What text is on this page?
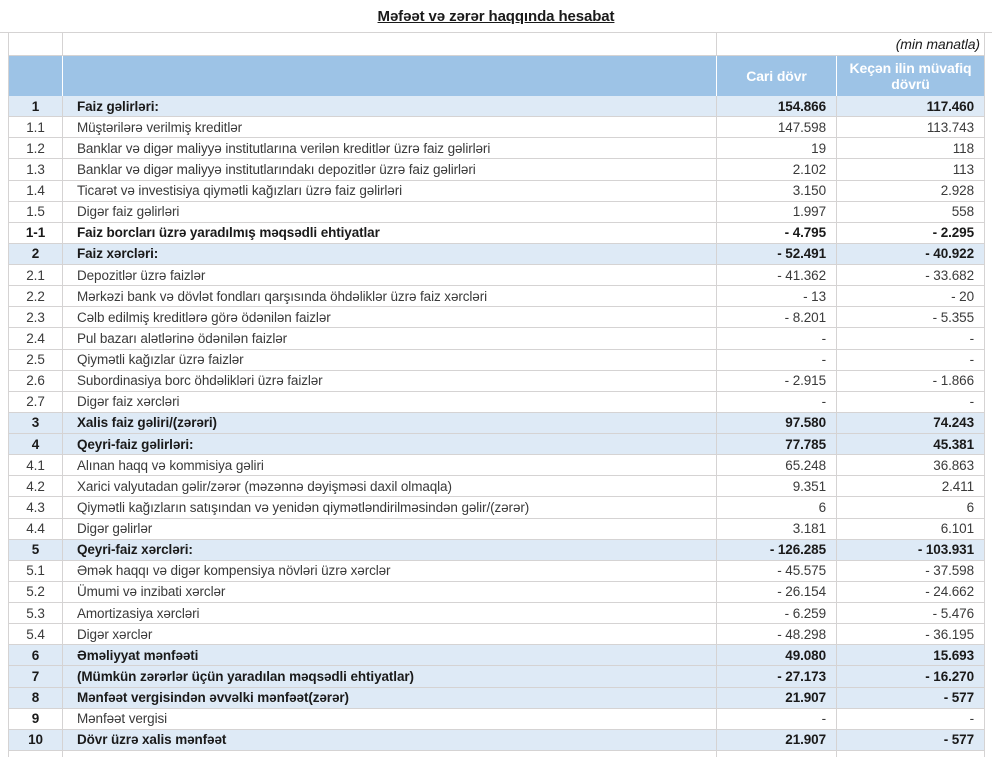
Məfəət və zərər haqqında hesabat
(min manatla)
Cari dövr	Keçən ilin müvafiq dövrü
1	Faiz gəlirləri:	154.866	117.460
1.1	Müştərilərə verilmiş kreditlər	147.598	113.743
1.2	Banklar və digər maliyyə institutlarına verilən kreditlər üzrə faiz gəlirləri	19	118
1.3	Banklar və digər maliyyə institutlarındakı depozitlər üzrə faiz gəlirləri	2.102	113
1.4	Ticarət və investisiya qiymətli kağızları üzrə faiz gəlirləri	3.150	2.928
1.5	Digər faiz gəlirləri	1.997	558
1-1	Faiz borcları üzrə yaradılmış məqsədli ehtiyatlar	- 4.795	- 2.295
2	Faiz xərcləri:	- 52.491	- 40.922
2.1	Depozitlər üzrə faizlər	- 41.362	- 33.682
2.2	Mərkəzi bank və dövlət fondları qarşısında öhdəliklər üzrə faiz xərcləri	- 13	- 20
2.3	Cəlb edilmiş kreditlərə görə ödənilən faizlər	- 8.201	- 5.355
2.4	Pul bazarı alətlərinə ödənilən faizlər	-	-
2.5	Qiymətli kağızlar üzrə faizlər	-	-
2.6	Subordinasiya borc öhdəlikləri üzrə faizlər	- 2.915	- 1.866
2.7	Digər faiz xərcləri	-	-
3	Xalis faiz gəliri/(zərəri)	97.580	74.243
4	Qeyri-faiz gəlirləri:	77.785	45.381
4.1	Alınan haqq və kommisiya gəliri	65.248	36.863
4.2	Xarici valyutadan gəlir/zərər (məzənnə dəyişməsi daxil olmaqla)	9.351	2.411
4.3	Qiymətli kağızların satışından və yenidən qiymətləndirilməsindən gəlir/(zərər)	6	6
4.4	Digər gəlirlər	3.181	6.101
5	Qeyri-faiz xərcləri:	- 126.285	- 103.931
5.1	Əmək haqqı və digər kompensiya növləri üzrə xərclər	- 45.575	- 37.598
5.2	Ümumi və inzibati xərclər	- 26.154	- 24.662
5.3	Amortizasiya xərcləri	- 6.259	- 5.476
5.4	Digər xərclər	- 48.298	- 36.195
6	Əməliyyat mənfəəti	49.080	15.693
7	(Mümkün zərərlər üçün yaradılan məqsədli ehtiyatlar)	- 27.173	- 16.270
8	Mənfəət vergisindən əvvəlki mənfəət(zərər)	21.907	- 577
9	Mənfəət vergisi	-	-
10	Dövr üzrə xalis mənfəət	21.907	- 577
